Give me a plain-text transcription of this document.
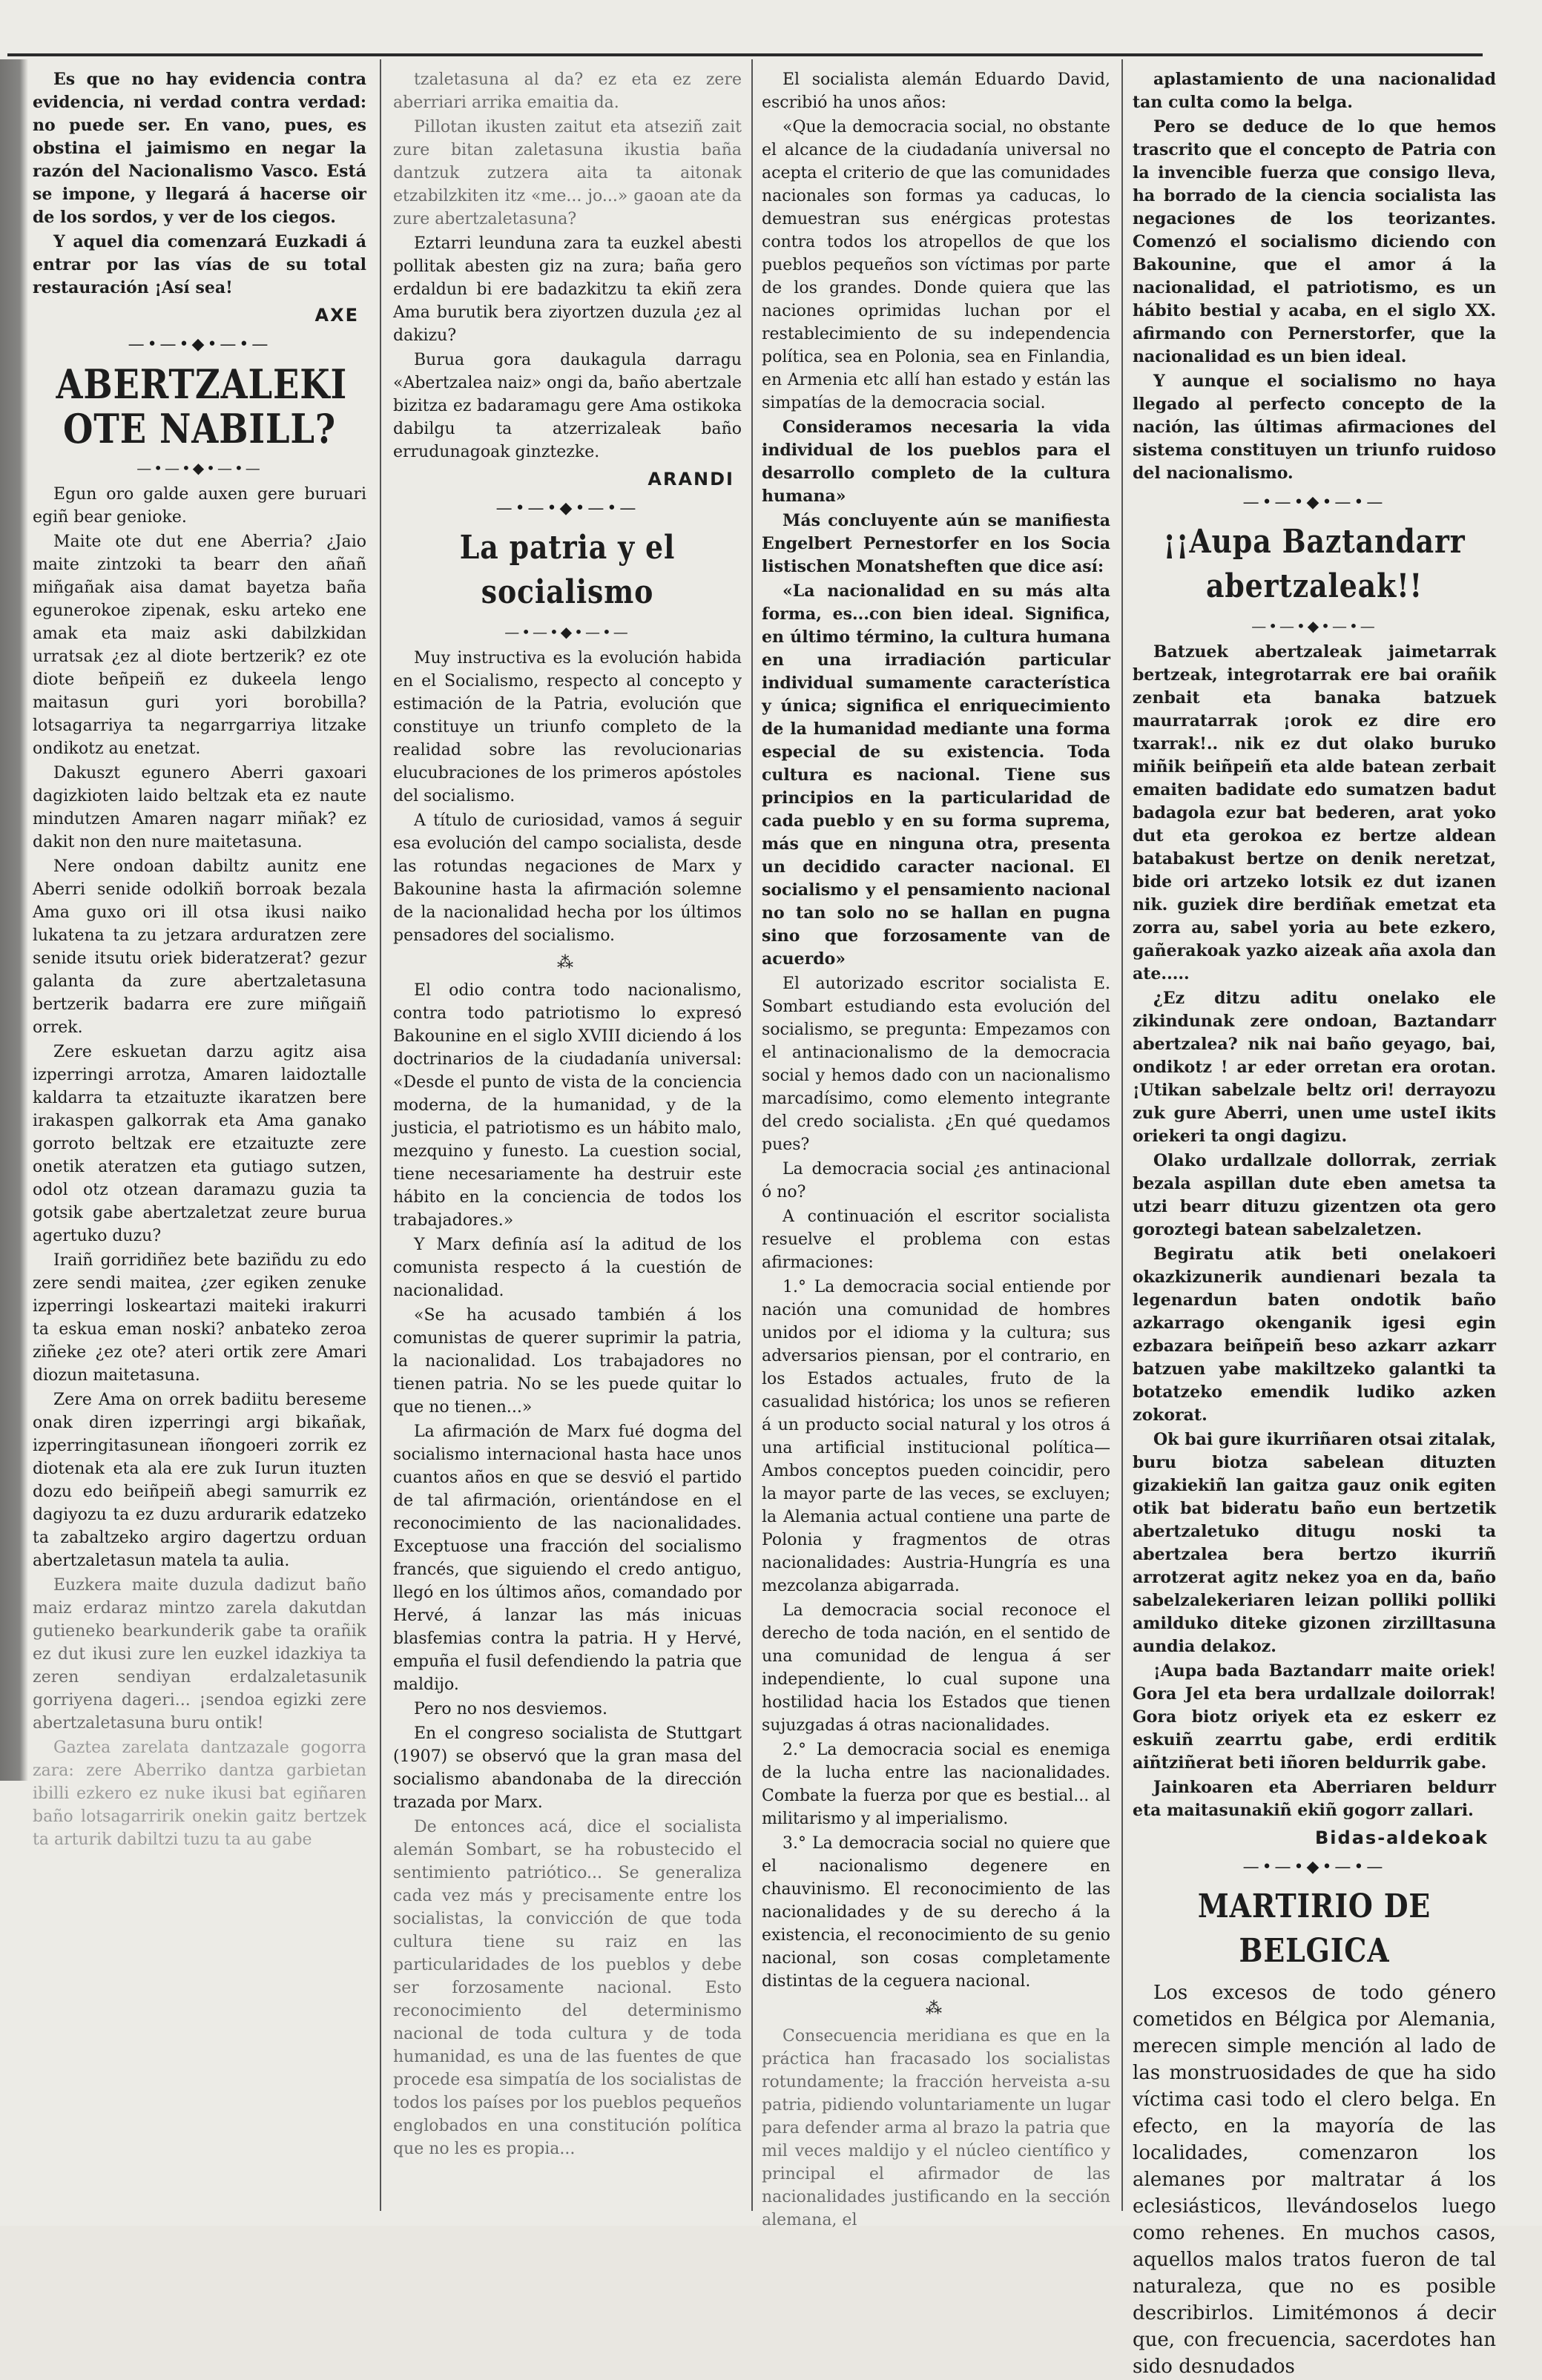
Es que no hay evidencia contra evidencia, ni verdad contra verdad: no puede ser. En vano, pues, es obstina el jaimismo en negar la razón del Nacionalismo Vasco. Está se impone, y llegará á hacerse oir de los sordos, y ver de los ciegos.

Y aquel dia comenzará Euzkadi á entrar por las vías de su total restauración ¡Así sea!

AXE
—•—•◆•—•—
ABERTZALEKI OTE NABILL?
—•—•◆•—•—

Egun oro galde auxen gere buruari egiñ bear genioke.

Maite ote dut ene Aberria? ¿Jaio maite zintzoki ta bearr den añañ miñgañak aisa damat bayetza baña egunerokoe zipenak, esku arteko ene amak eta maiz aski dabilzkidan urratsak ¿ez al diote bertzerik? ez ote diote beñpeiñ ez dukeela lengo maitasun guri yori borobilla? lotsagarriya ta negarrgarriya litzake ondikotz au enetzat.

Dakuszt egunero Aberri gaxoari dagizkioten laido beltzak eta ez naute mindutzen Amaren nagarr miñak? ez dakit non den nure maitetasuna.

Nere ondoan dabiltz aunitz ene Aberri senide odolkiñ borroak bezala Ama guxo ori ill otsa ikusi naiko lukatena ta zu jetzara arduratzen zere senide itsutu oriek bideratzerat? gezur galanta da zure abertzaletasuna bertzerik badarra ere zure miñgaiñ orrek.

Zere eskuetan darzu agitz aisa izperringi arrotza, Amaren laidoztalle kaldarra ta etzaituzte ikaratzen bere irakaspen galkorrak eta Ama ganako gorroto beltzak ere etzaituzte zere onetik ateratzen eta gutiago sutzen, odol otz otzean daramazu guzia ta gotsik gabe abertzaletzat zeure burua agertuko duzu?

Iraiñ gorridiñez bete baziñdu zu edo zere sendi maitea, ¿zer egiken zenuke izperringi loskeartazi maiteki irakurri ta eskua eman noski? anbateko zeroa ziñeke ¿ez ote? ateri ortik zere Amari diozun maitetasuna.

Zere Ama on orrek badiitu bereseme onak diren izperringi argi bikañak, izperringitasunean iñongoeri zorrik ez diotenak eta ala ere zuk Iurun ituzten dozu edo beiñpeiñ abegi samurrik ez dagiyozu ta ez duzu ardurarik edatzeko ta zabaltzeko argiro dagertzu orduan abertzaletasun matela ta aulia.

Euzkera maite duzula dadizut baño maiz erdaraz mintzo zarela dakutdan gutieneko bearkunderik gabe ta orañik ez dut ikusi zure len euzkel idazkiya ta zeren sendiyan erdalzaletasunik gorriyena dageri... ¡sendoa egizki zere abertzaletasuna buru ontik!

Gaztea zarelata dantzazale gogorra zara: zere Aberriko dantza garbietan ibilli ezkero ez nuke ikusi bat egiñaren baño lotsagarririk onekin gaitz bertzek ta arturik dabiltzi tuzu ta au gabe

tzaletasuna al da? ez eta ez zere aberriari arrika emaitia da.

Pillotan ikusten zaitut eta atseziñ zait zure bitan zaletasuna ikustia baña dantzuk zutzera aita ta aitonak etzabilzkiten itz «me... jo...» gaoan ate da zure abertzaletasuna?

Eztarri leunduna zara ta euzkel abesti pollitak abesten giz na zura; baña gero erdaldun bi ere badazkitzu ta ekiñ zera Ama burutik bera ziyortzen duzula ¿ez al dakizu?

Burua gora daukagula darragu «Abertzalea naiz» ongi da, baño abertzale bizitza ez badaramagu gere Ama ostikoka dabilgu ta atzerrizaleak baño errudunagoak ginztezke.

ARANDI
—•—•◆•—•—
La patria y el socialismo
—•—•◆•—•—

Muy instructiva es la evolución habida en el Socialismo, respecto al concepto y estimación de la Patria, evolución que constituye un triunfo completo de la realidad sobre las revolucionarias elucubraciones de los primeros apóstoles del socialismo.

A título de curiosidad, vamos á seguir esa evolución del campo socialista, desde las rotundas negaciones de Marx y Bakounine hasta la afirmación solemne de la nacionalidad hecha por los últimos pensadores del socialismo.

⁂

El odio contra todo nacionalismo, contra todo patriotismo lo expresó Bakounine en el siglo XVIII diciendo á los doctrinarios de la ciudadanía universal: «Desde el punto de vista de la conciencia moderna, de la humanidad, y de la justicia, el patriotismo es un hábito malo, mezquino y funesto. La cuestion social, tiene necesariamente ha destruir este hábito en la conciencia de todos los trabajadores.»

Y Marx definía así la aditud de los comunista respecto á la cuestión de nacionalidad.

«Se ha acusado también á los comunistas de querer suprimir la patria, la nacionalidad. Los trabajadores no tienen patria. No se les puede quitar lo que no tienen...»

La afirmación de Marx fué dogma del socialismo internacional hasta hace unos cuantos años en que se desvió el partido de tal afirmación, orientándose en el reconocimiento de las nacionalidades. Exceptuose una fracción del socialismo francés, que siguiendo el credo antiguo, llegó en los últimos años, comandado por Hervé, á lanzar las más inicuas blasfemias contra la patria. H y Hervé, empuña el fusil defendiendo la patria que maldijo.

Pero no nos desviemos.

En el congreso socialista de Stuttgart (1907) se observó que la gran masa del socialismo abandonaba de la dirección trazada por Marx.

De entonces acá, dice el socialista alemán Sombart, se ha robustecido el sentimiento patriótico... Se generaliza cada vez más y precisamente entre los socialistas, la convicción de que toda cultura tiene su raiz en las particularidades de los pueblos y debe ser forzosamente nacional. Esto reconocimiento del determinismo nacional de toda cultura y de toda humanidad, es una de las fuentes de que procede esa simpatía de los socialistas de todos los países por los pueblos pequeños englobados en una constitución política que no les es propia...

El socialista alemán Eduardo David, escribió ha unos años:

«Que la democracia social, no obstante el alcance de la ciudadanía universal no acepta el criterio de que las comunidades nacionales son formas ya caducas, lo demuestran sus enérgicas protestas contra todos los atropellos de que los pueblos pequeños son víctimas por parte de los grandes. Donde quiera que las naciones oprimidas luchan por el restablecimiento de su independencia política, sea en Polonia, sea en Finlandia, en Armenia etc allí han estado y están las simpatías de la democracia social.

Consideramos necesaria la vida individual de los pueblos para el desarrollo completo de la cultura humana»

Más concluyente aún se manifiesta Engelbert Pernestorfer en los Socia listischen Monatsheften que dice así:

«La nacionalidad en su más alta forma, es...con bien ideal. Significa, en último término, la cultura humana en una irradiación particular individual sumamente característica y única; significa el enriquecimiento de la humanidad mediante una forma especial de su existencia. Toda cultura es nacional. Tiene sus principios en la particularidad de cada pueblo y en su forma suprema, más que en ninguna otra, presenta un decidido caracter nacional. El socialismo y el pensamiento nacional no tan solo no se hallan en pugna sino que forzosamente van de acuerdo»

El autorizado escritor socialista E. Sombart estudiando esta evolución del socialismo, se pregunta: Empezamos con el antinacionalismo de la democracia social y hemos dado con un nacionalismo marcadísimo, como elemento integrante del credo socialista. ¿En qué quedamos pues?

La democracia social ¿es antinacional ó no?

A continuación el escritor socialista resuelve el problema con estas afirmaciones:

1.° La democracia social entiende por nación una comunidad de hombres unidos por el idioma y la cultura; sus adversarios piensan, por el contrario, en los Estados actuales, fruto de la casualidad histórica; los unos se refieren á un producto social natural y los otros á una artificial institucional política—Ambos conceptos pueden coincidir, pero la mayor parte de las veces, se excluyen; la Alemania actual contiene una parte de Polonia y fragmentos de otras nacionalidades: Austria-Hungría es una mezcolanza abigarrada.

La democracia social reconoce el derecho de toda nación, en el sentido de una comunidad de lengua á ser independiente, lo cual supone una hostilidad hacia los Estados que tienen sujuzgadas á otras nacionalidades.

2.° La democracia social es enemiga de la lucha entre las nacionalidades. Combate la fuerza por que es bestial... al militarismo y al imperialismo.

3.° La democracia social no quiere que el nacionalismo degenere en chauvinismo. El reconocimiento de las nacionalidades y de su derecho á la existencia, el reconocimiento de su genio nacional, son cosas completamente distintas de la ceguera nacional.

⁂

Consecuencia meridiana es que en la práctica han fracasado los socialistas rotundamente; la fracción herveista a-su patria, pidiendo voluntariamente un lugar para defender arma al brazo la patria que mil veces maldijo y el núcleo científico y principal el afirmador de las nacionalidades justificando en la sección alemana, el

aplastamiento de una nacionalidad tan culta como la belga.

Pero se deduce de lo que hemos trascrito que el concepto de Patria con la invencible fuerza que consigo lleva, ha borrado de la ciencia socialista las negaciones de los teorizantes. Comenzó el socialismo diciendo con Bakounine, que el amor á la nacionalidad, el patriotismo, es un hábito bestial y acaba, en el siglo XX. afirmando con Pernerstorfer, que la nacionalidad es un bien ideal.

Y aunque el socialismo no haya llegado al perfecto concepto de la nación, las últimas afirmaciones del sistema constituyen un triunfo ruidoso del nacionalismo.

—•—•◆•—•—
¡¡Aupa Baztandarr abertzaleak!!
—•—•◆•—•—

Batzuek abertzaleak jaimetarrak bertzeak, integrotarrak ere bai orañik zenbait eta banaka batzuek maurratarrak ¡orok ez dire ero txarrak!.. nik ez dut olako buruko miñik beiñpeiñ eta alde batean zerbait emaiten badidate edo sumatzen badut badagola ezur bat bederen, arat yoko dut eta gerokoa ez bertze aldean batabakust bertze on denik neretzat, bide ori artzeko lotsik ez dut izanen nik. guziek dire berdiñak emetzat eta zorra au, sabel yoria au bete ezkero, gañerakoak yazko aizeak aña axola dan ate.....

¿Ez ditzu aditu onelako ele zikindunak zere ondoan, Baztandarr abertzalea? nik nai baño geyago, bai, ondikotz ! ar eder orretan era orotan. ¡Utikan sabelzale beltz ori! derrayozu zuk gure Aberri, unen ume usteI ikits oriekeri ta ongi dagizu.

Olako urdallzale dollorrak, zerriak bezala aspillan dute eben ametsa ta utzi bearr dituzu gizentzen ota gero goroztegi batean sabelzaletzen.

Begiratu atik beti onelakoeri okazkizunerik aundienari bezala ta legenardun baten ondotik baño azkarrago okenganik igesi egin ezbazara beiñpeiñ beso azkarr azkarr batzuen yabe makiltzeko galantki ta botatzeko emendik ludiko azken zokorat.

Ok bai gure ikurriñaren otsai zitalak, buru biotza sabelean dituzten gizakiekiñ lan gaitza gauz onik egiten otik bat bideratu baño eun bertzetik abertzaletuko ditugu noski ta abertzalea bera bertzo ikurriñ arrotzerat agitz nekez yoa en da, baño sabelzalekeriaren leizan polliki polliki amilduko diteke gizonen zirzilltasuna aundia delakoz.

¡Aupa bada Baztandarr maite oriek! Gora Jel eta bera urdallzale doilorrak! Gora biotz oriyek eta ez eskerr ez eskuiñ zearrtu gabe, erdi erditik aiñtziñerat beti iñoren beldurrik gabe.

Jainkoaren eta Aberriaren beldurr eta maitasunakiñ ekiñ gogorr zallari.

Bidas-aldekoak
—•—•◆•—•—
MARTIRIO DE BELGICA

Los excesos de todo género cometidos en Bélgica por Alemania, merecen simple mención al lado de las monstruosidades de que ha sido víctima casi todo el clero belga. En efecto, en la mayoría de las localidades, comenzaron los alemanes por maltratar á los eclesiásticos, llevándoselos luego como rehenes. En muchos casos, aquellos malos tratos fueron de tal naturaleza, que no es posible describirlos. Limitémonos á decir que, con frecuencia, sacerdotes han sido desnudados
